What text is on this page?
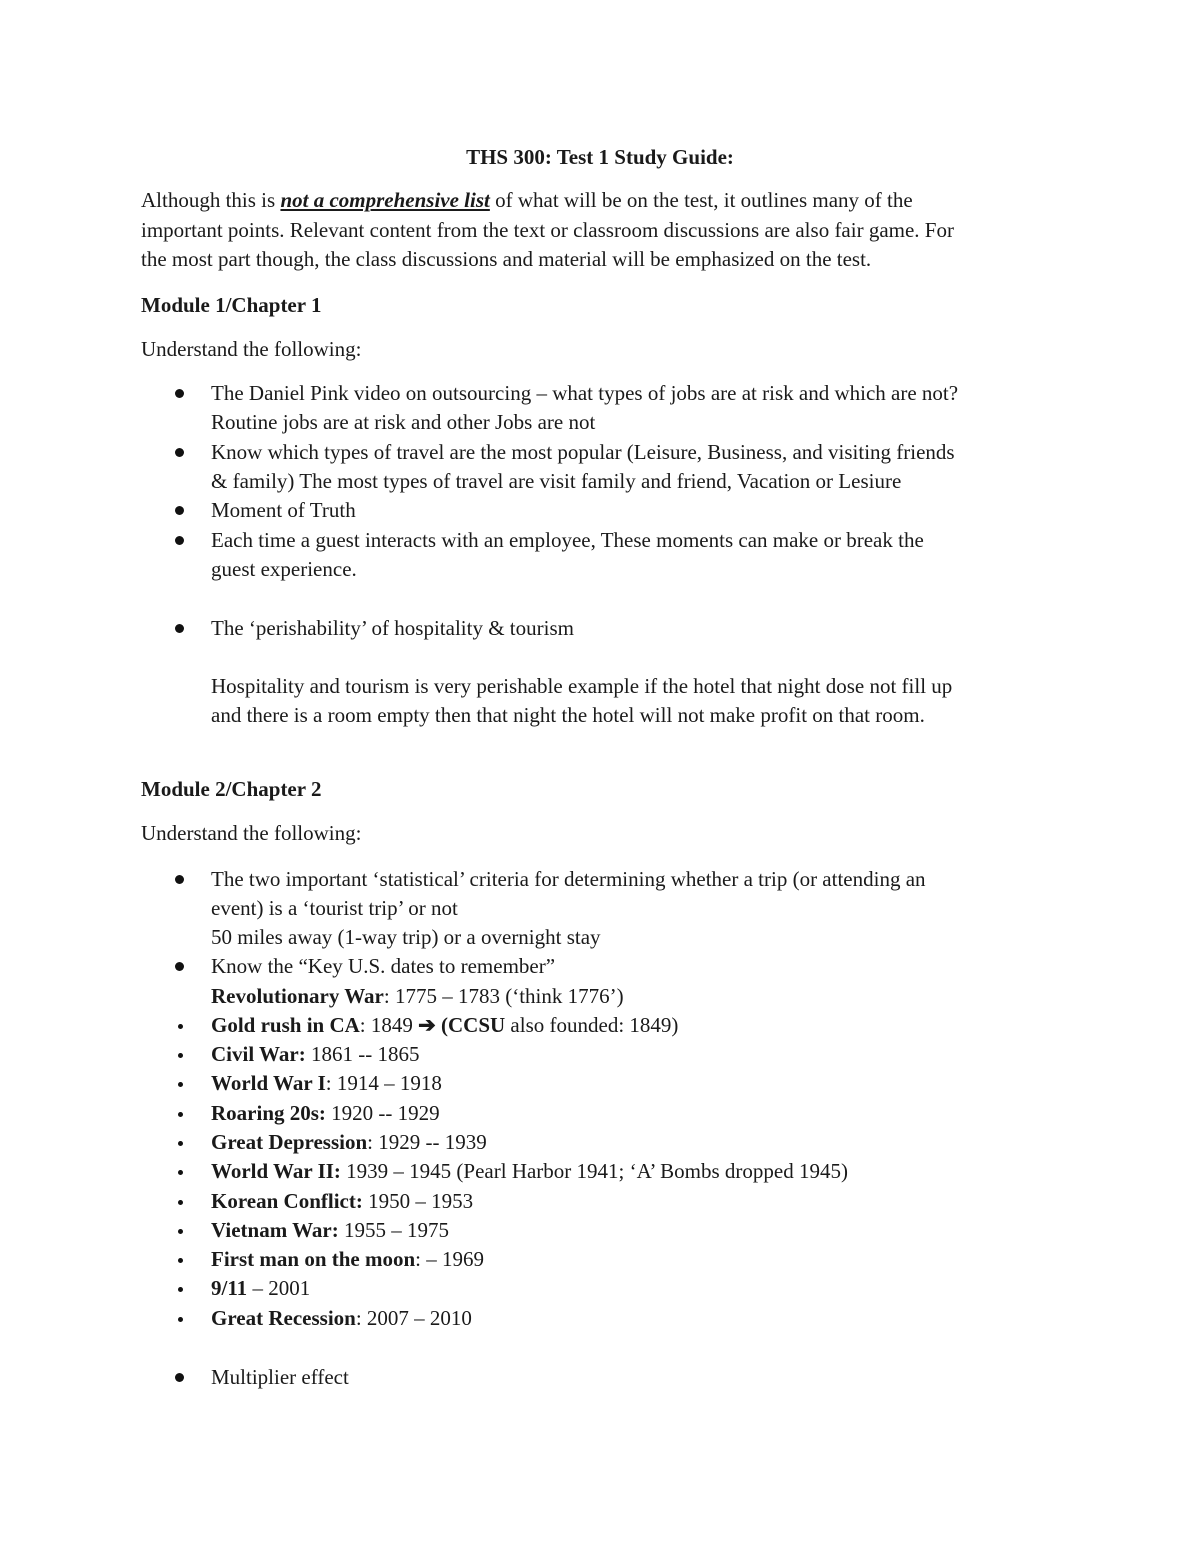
THS 300: Test 1 Study Guide:
Although this is not a comprehensive list of what will be on the test, it outlines many of the
important points. Relevant content from the text or classroom discussions are also fair game. For
the most part though, the class discussions and material will be emphasized on the test.
Module 1/Chapter 1
Understand the following:
The Daniel Pink video on outsourcing – what types of jobs are at risk and which are not?
Routine jobs are at risk and other Jobs are not
Know which types of travel are the most popular (Leisure, Business, and visiting friends
& family) The most types of travel are visit family and friend, Vacation or Lesiure
Moment of Truth
Each time a guest interacts with an employee, These moments can make or break the
guest experience.
The ‘perishability’ of hospitality & tourism
Hospitality and tourism is very perishable example if the hotel that night dose not fill up
and there is a room empty then that night the hotel will not make profit on that room.
Module 2/Chapter 2
Understand the following:
The two important ‘statistical’ criteria for determining whether a trip (or attending an
event) is a ‘tourist trip’ or not
50 miles away (1-way trip) or a overnight stay
Know the “Key U.S. dates to remember”
Revolutionary War: 1775 – 1783 (‘think 1776’)
Gold rush in CA: 1849 ➔ (CCSU also founded: 1849)
Civil War: 1861 -- 1865
World War I: 1914 – 1918
Roaring 20s: 1920 -- 1929
Great Depression: 1929 -- 1939
World War II: 1939 – 1945 (Pearl Harbor 1941; ‘A’ Bombs dropped 1945)
Korean Conflict: 1950 – 1953
Vietnam War: 1955 – 1975
First man on the moon: – 1969
9/11 – 2001
Great Recession: 2007 – 2010
Multiplier effect
